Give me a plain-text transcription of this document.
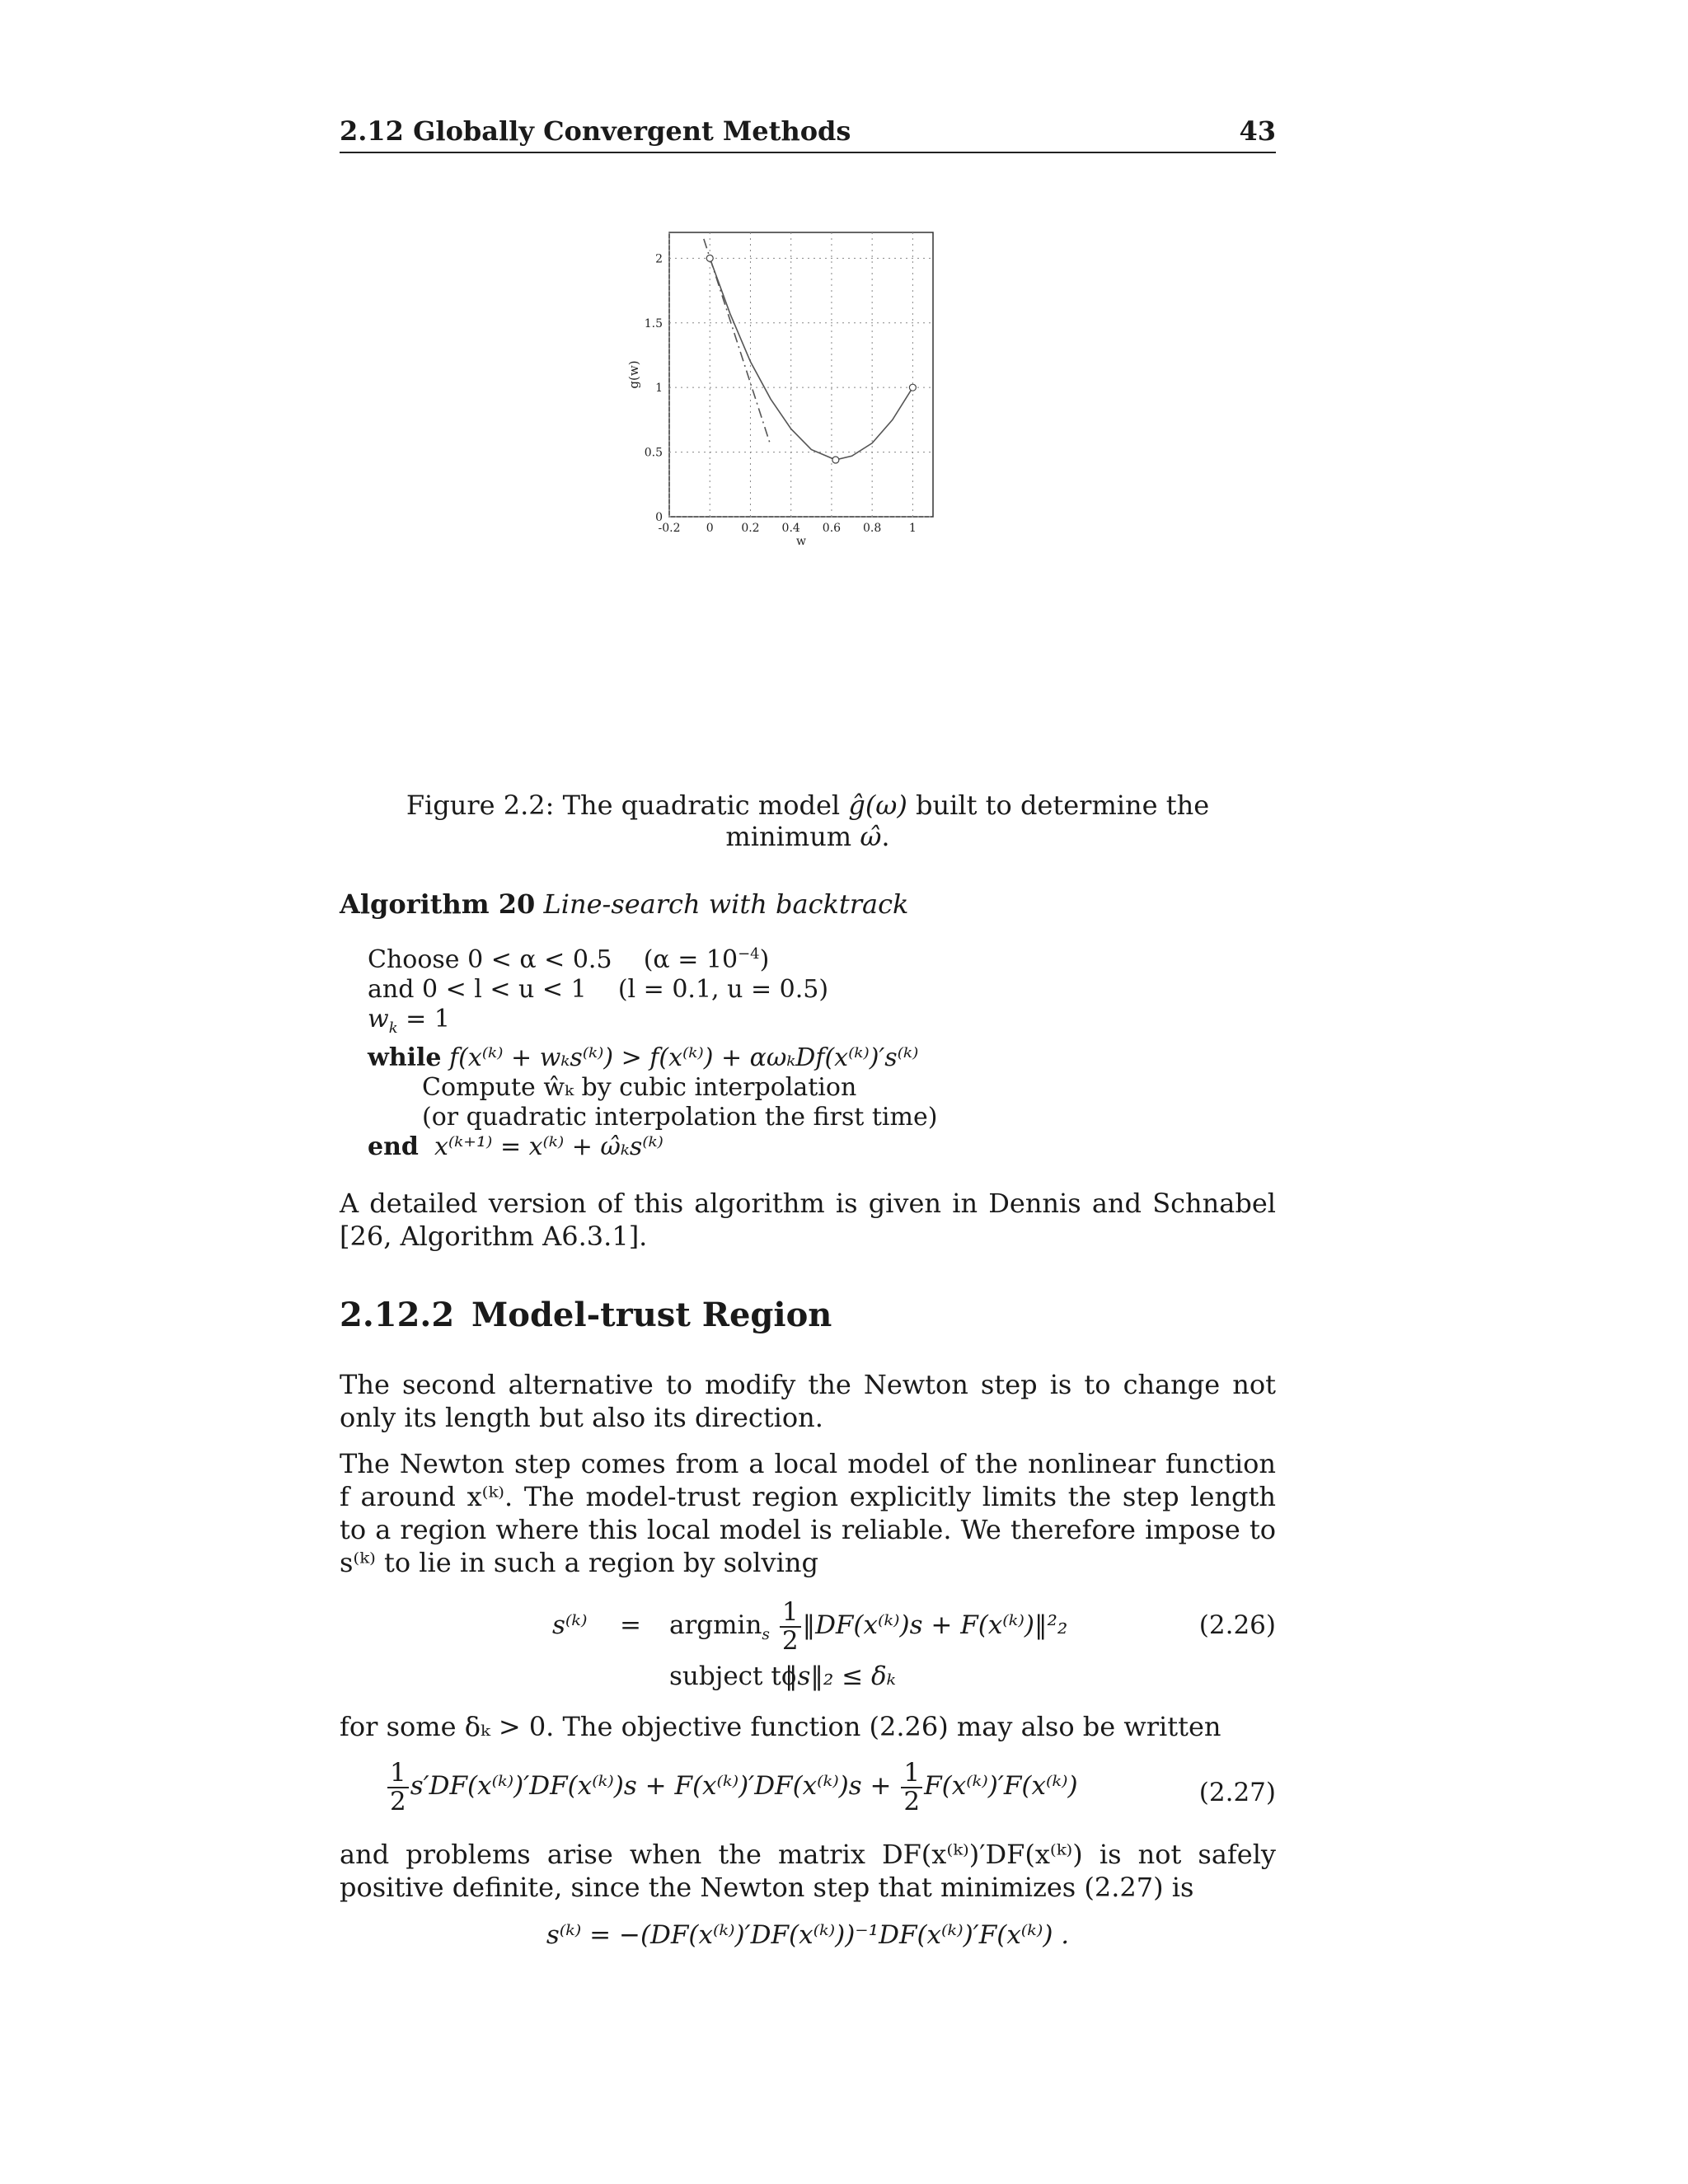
2.12 Globally Convergent Methods	43
-0.2 0 0.2 0.4 0.6 0.8 1
0
0.5
1
1.5
2
w
g(w)
Figure 2.2: The quadratic model ĝ(ω) built to determine the minimum ω̂.
Algorithm 20 Line-search with backtrack
Choose 0 < α < 0.5 $(\alpha = 10^{-4})$
and 0 < l < u < 1 (l = 0.1, u = 0.5)
$w_k = 1$
while f(x⁽ᵏ⁾ + wₖs⁽ᵏ⁾) > f(x⁽ᵏ⁾) + αωₖDf(x⁽ᵏ⁾)′s⁽ᵏ⁾
Compute ŵₖ by cubic interpolation
(or quadratic interpolation the first time)
end x⁽ᵏ⁺¹⁾ = x⁽ᵏ⁾ + ω̂ₖs⁽ᵏ⁾
A detailed version of this algorithm is given in Dennis and Schnabel [26, Algorithm A6.3.1].
2.12.2 Model-trust Region
The second alternative to modify the Newton step is to change not only its length but also its direction.
The Newton step comes from a local model of the nonlinear function f around x⁽ᵏ⁾. The model-trust region explicitly limits the step length to a region where this local model is reliable. We therefore impose to s⁽ᵏ⁾ to lie in such a region by solving
s⁽ᵏ⁾ = $argmin_s \frac{1}{2}$ ‖DF(x⁽ᵏ⁾)s + F(x⁽ᵏ⁾)‖²₂
subject to
‖s‖₂ ≤ δₖ
(2.26)
for some δₖ > 0. The objective function (2.26) may also be written
$\frac{1}{2}$ s′DF(x⁽ᵏ⁾)′DF(x⁽ᵏ⁾)s + F(x⁽ᵏ⁾)′DF(x⁽ᵏ⁾)s + $\frac{1}{2}$ F(x⁽ᵏ⁾)′F(x⁽ᵏ⁾)	(2.27)
and problems arise when the matrix DF(x⁽ᵏ⁾)′DF(x⁽ᵏ⁾) is not safely positive definite, since the Newton step that minimizes (2.27) is
s⁽ᵏ⁾ = −(DF(x⁽ᵏ⁾)′DF(x⁽ᵏ⁾))⁻¹DF(x⁽ᵏ⁾)′F(x⁽ᵏ⁾) .
